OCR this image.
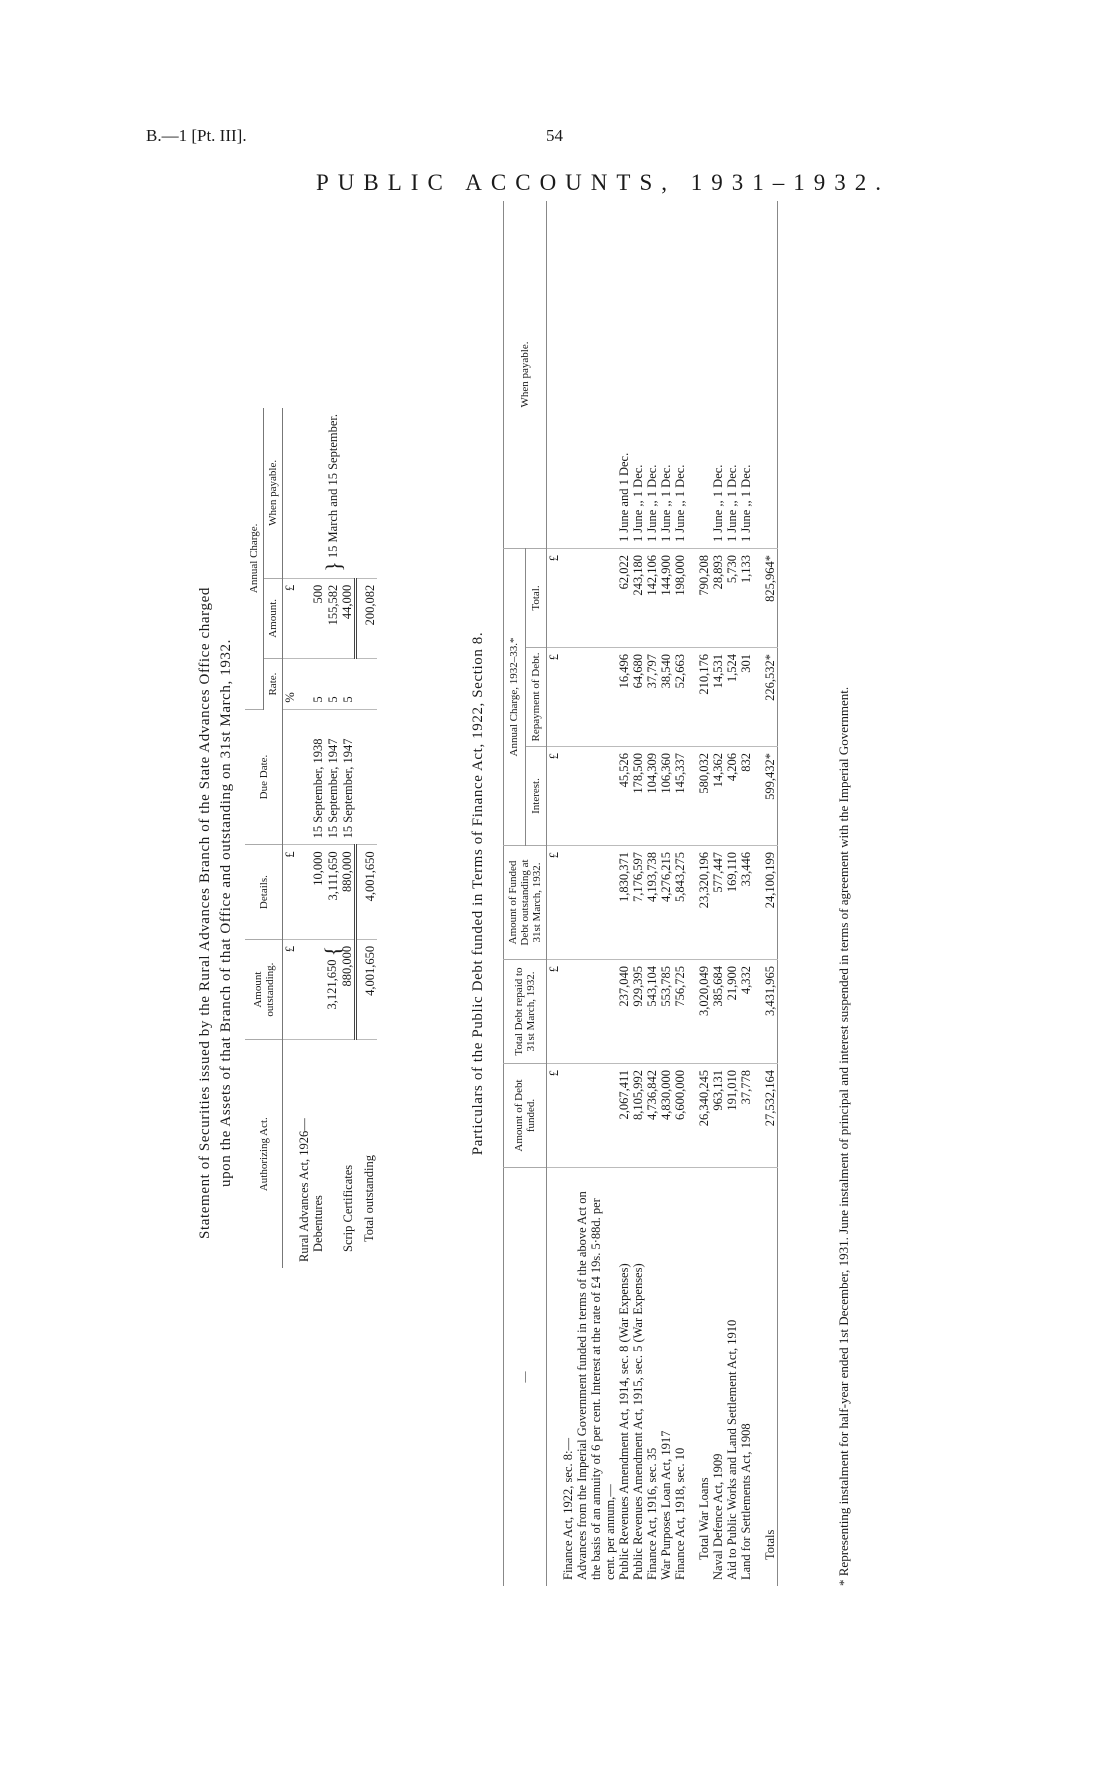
B.—1 [Pt. III].	54
PUBLIC ACCOUNTS, 1931–1932.
Statement of Securities issued by the Rural Advances Branch of the State Advances Office charged upon the Assets of that Branch of that Office and outstanding on 31st March, 1932. Authorizing Act.	Amount outstanding.	Details.	Due Date.	Annual Charge.		
				Rate.	Amount.	When payable.
	£	£		%	£	
Rural Advances Act, 1926—						
Debentures		10,000	15 September, 1938	5	500	} 15 March and 15 September.
	3,121,650 {	3,111,650	15 September, 1947	5	155,582	
Scrip Certificates	880,000	880,000	15 September, 1947	5	44,000	
Total outstanding	4,001,650	4,001,650			200,082	
Particulars of the Public Debt funded in Terms of Finance Act, 1922, Section 8.
—	Amount of Debt funded.	Total Debt repaid to 31st March, 1932.	Amount of Funded Debt outstanding at 31st March, 1932.	Annual Charge, 1932–33.*			When payable.
				Interest.	Repayment of Debt.	Total.	
	£	£	£	£	£	£	
Finance Act, 1922, sec. 8:—							
Advances from the Imperial Government funded in terms of the above Act on the basis of an annuity of 6 per cent. Interest at the rate of £4 19s. 5·88d. per cent. per annum,—							
Public Revenues Amendment Act, 1914, sec. 8 (War Expenses)	2,067,411	237,040	1,830,371	45,526	16,496	62,022	1 June and 1 Dec.
Public Revenues Amendment Act, 1915, sec. 5 (War Expenses)	8,105,992	929,395	7,176,597	178,500	64,680	243,180	1 June ,, 1 Dec.
Finance Act, 1916, sec. 35	4,736,842	543,104	4,193,738	104,309	37,797	142,106	1 June ,, 1 Dec.
War Purposes Loan Act, 1917	4,830,000	553,785	4,276,215	106,360	38,540	144,900	1 June ,, 1 Dec.
Finance Act, 1918, sec. 10	6,600,000	756,725	5,843,275	145,337	52,663	198,000	1 June ,, 1 Dec.

Total War Loans	26,340,245	3,020,049	23,320,196	580,032	210,176	790,208	
Naval Defence Act, 1909	963,131	385,684	577,447	14,362	14,531	28,893	1 June ,, 1 Dec.
Aid to Public Works and Land Settlement Act, 1910	191,010	21,900	169,110	4,206	1,524	5,730	1 June ,, 1 Dec.
Land for Settlements Act, 1908	37,778	4,332	33,446	832	301	1,133	1 June ,, 1 Dec.

Totals	27,532,164	3,431,965	24,100,199	599,432*	226,532*	825,964*	
* Representing instalment for half-year ended 1st December, 1931. June instalment of principal and interest suspended in terms of agreement with the Imperial Government.
